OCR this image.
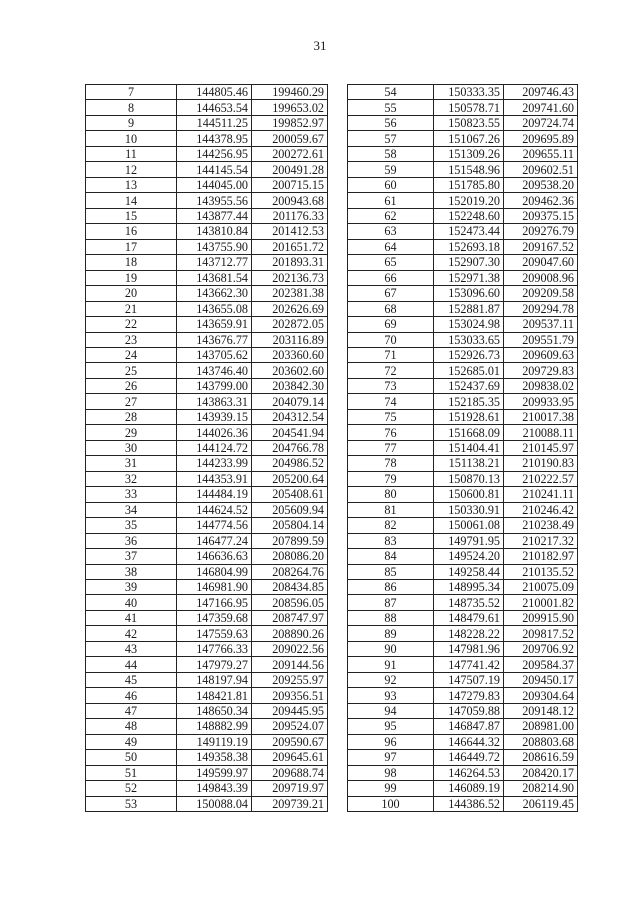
31
7	144805.46	199460.29
8	144653.54	199653.02
9	144511.25	199852.97
10	144378.95	200059.67
11	144256.95	200272.61
12	144145.54	200491.28
13	144045.00	200715.15
14	143955.56	200943.68
15	143877.44	201176.33
16	143810.84	201412.53
17	143755.90	201651.72
18	143712.77	201893.31
19	143681.54	202136.73
20	143662.30	202381.38
21	143655.08	202626.69
22	143659.91	202872.05
23	143676.77	203116.89
24	143705.62	203360.60
25	143746.40	203602.60
26	143799.00	203842.30
27	143863.31	204079.14
28	143939.15	204312.54
29	144026.36	204541.94
30	144124.72	204766.78
31	144233.99	204986.52
32	144353.91	205200.64
33	144484.19	205408.61
34	144624.52	205609.94
35	144774.56	205804.14
36	146477.24	207899.59
37	146636.63	208086.20
38	146804.99	208264.76
39	146981.90	208434.85
40	147166.95	208596.05
41	147359.68	208747.97
42	147559.63	208890.26
43	147766.33	209022.56
44	147979.27	209144.56
45	148197.94	209255.97
46	148421.81	209356.51
47	148650.34	209445.95
48	148882.99	209524.07
49	149119.19	209590.67
50	149358.38	209645.61
51	149599.97	209688.74
52	149843.39	209719.97
53	150088.04	209739.21
54	150333.35	209746.43
55	150578.71	209741.60
56	150823.55	209724.74
57	151067.26	209695.89
58	151309.26	209655.11
59	151548.96	209602.51
60	151785.80	209538.20
61	152019.20	209462.36
62	152248.60	209375.15
63	152473.44	209276.79
64	152693.18	209167.52
65	152907.30	209047.60
66	152971.38	209008.96
67	153096.60	209209.58
68	152881.87	209294.78
69	153024.98	209537.11
70	153033.65	209551.79
71	152926.73	209609.63
72	152685.01	209729.83
73	152437.69	209838.02
74	152185.35	209933.95
75	151928.61	210017.38
76	151668.09	210088.11
77	151404.41	210145.97
78	151138.21	210190.83
79	150870.13	210222.57
80	150600.81	210241.11
81	150330.91	210246.42
82	150061.08	210238.49
83	149791.95	210217.32
84	149524.20	210182.97
85	149258.44	210135.52
86	148995.34	210075.09
87	148735.52	210001.82
88	148479.61	209915.90
89	148228.22	209817.52
90	147981.96	209706.92
91	147741.42	209584.37
92	147507.19	209450.17
93	147279.83	209304.64
94	147059.88	209148.12
95	146847.87	208981.00
96	146644.32	208803.68
97	146449.72	208616.59
98	146264.53	208420.17
99	146089.19	208214.90
100	144386.52	206119.45
